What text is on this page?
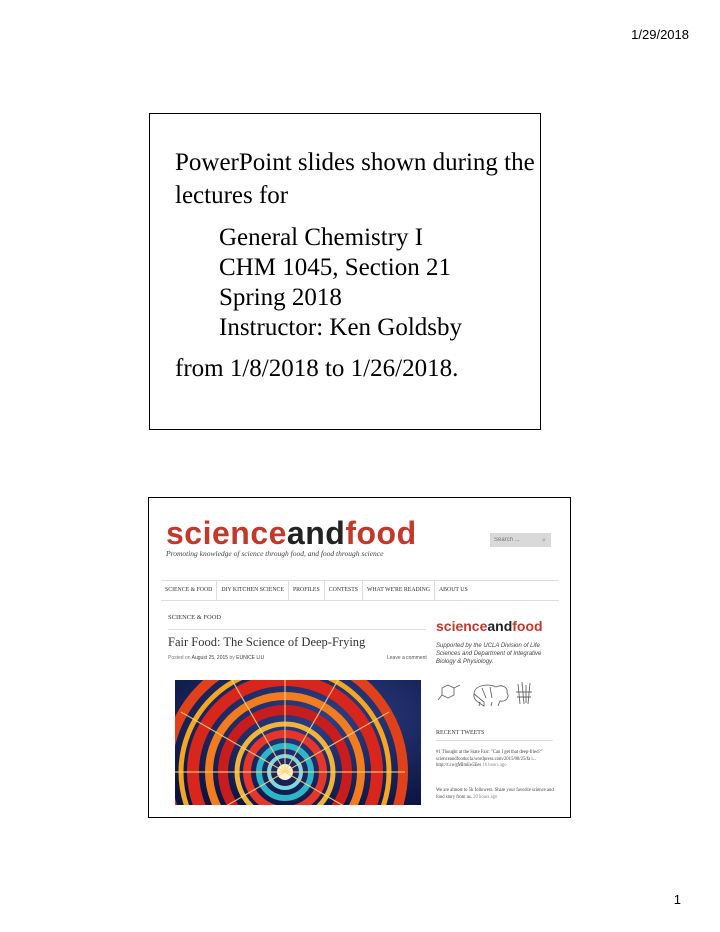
1/29/2018
PowerPoint slides shown during the lectures for
General Chemistry I
CHM 1045, Section 21
Spring 2018
Instructor: Ken Goldsby
from 1/8/2018 to 1/26/2018.
scienceandfood
Promoting knowledge of science through food, and food through science
Search ...
⌕
SCIENCE & FOOD	DIY KITCHEN SCIENCE	PROFILES	CONTESTS	WHAT WE'RE READING	ABOUT US
SCIENCE & FOOD
Fair Food: The Science of Deep-Frying
Posted on August 25, 2015 by EUNICE LIU	Leave a comment
scienceandfood
Supported by the UCLA Division of Life Sciences and Department of Integrative Biology & Physiology.
RECENT TWEETS
#1 Thought at the State Fair: "Can I get that deep-fried?" scienceandfooducla.wordpress.com/2015/08/25/fa i... http://t.co/gMImEe5Ees 16 hours ago
We are almost to 5k followers. Share your favorite science and food story from us. 20 hours ago
1
